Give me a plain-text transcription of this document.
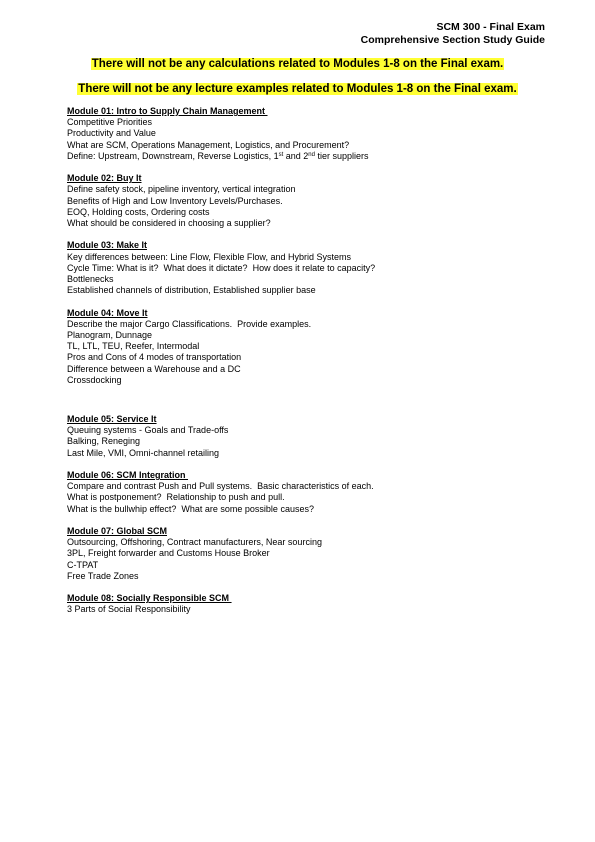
SCM 300 - Final Exam
Comprehensive Section Study Guide
There will not be any calculations related to Modules 1-8 on the Final exam.
There will not be any lecture examples related to Modules 1-8 on the Final exam.
Module 01: Intro to Supply Chain Management
Competitive Priorities
Productivity and Value
What are SCM, Operations Management, Logistics, and Procurement?
Define: Upstream, Downstream, Reverse Logistics, 1st and 2nd tier suppliers
Module 02: Buy It
Define safety stock, pipeline inventory, vertical integration
Benefits of High and Low Inventory Levels/Purchases.
EOQ, Holding costs, Ordering costs
What should be considered in choosing a supplier?
Module 03: Make It
Key differences between: Line Flow, Flexible Flow, and Hybrid Systems
Cycle Time: What is it?  What does it dictate?  How does it relate to capacity?
Bottlenecks
Established channels of distribution, Established supplier base
Module 04: Move It
Describe the major Cargo Classifications.  Provide examples.
Planogram, Dunnage
TL, LTL, TEU, Reefer, Intermodal
Pros and Cons of 4 modes of transportation
Difference between a Warehouse and a DC
Crossdocking
Module 05: Service It
Queuing systems - Goals and Trade-offs
Balking, Reneging
Last Mile, VMI, Omni-channel retailing
Module 06: SCM Integration
Compare and contrast Push and Pull systems.  Basic characteristics of each.
What is postponement?  Relationship to push and pull.
What is the bullwhip effect?  What are some possible causes?
Module 07: Global SCM
Outsourcing, Offshoring, Contract manufacturers, Near sourcing
3PL, Freight forwarder and Customs House Broker
C-TPAT
Free Trade Zones
Module 08: Socially Responsible SCM
3 Parts of Social Responsibility
